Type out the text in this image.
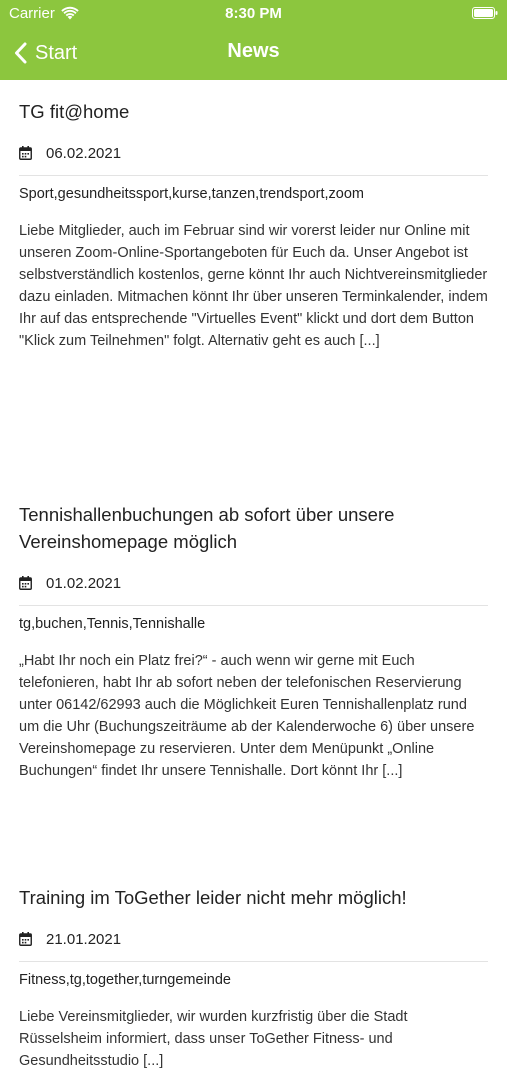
Carrier	8:30 PM
Start	News
TG fit@home
06.02.2021
Sport,gesundheitssport,kurse,tanzen,trendsport,zoom
Liebe Mitglieder, auch im Februar sind wir vorerst leider nur Online mit unseren Zoom-Online-Sportangeboten für Euch da. Unser Angebot ist selbstverständlich kostenlos, gerne könnt Ihr auch Nichtvereinsmitglieder dazu einladen. Mitmachen könnt Ihr über unseren Terminkalender, indem Ihr auf das entsprechende "Virtuelles Event" klickt und dort dem Button "Klick zum Teilnehmen" folgt. Alternativ geht es auch [...]
Tennishallenbuchungen ab sofort über unsere Vereinshomepage möglich
01.02.2021
tg,buchen,Tennis,Tennishalle
„Habt Ihr noch ein Platz frei?“ - auch wenn wir gerne mit Euch telefonieren, habt Ihr ab sofort neben der telefonischen Reservierung unter 06142/62993 auch die Möglichkeit Euren Tennishallenplatz rund um die Uhr (Buchungszeiträume ab der Kalenderwoche 6) über unsere Vereinshomepage zu reservieren. Unter dem Menüpunkt „Online Buchungen“ findet Ihr unsere Tennishalle. Dort könnt Ihr [...]
Training im ToGether leider nicht mehr möglich!
21.01.2021
Fitness,tg,together,turngemeinde
Liebe Vereinsmitglieder, wir wurden kurzfristig über die Stadt Rüsselsheim informiert, dass unser ToGether Fitness- und Gesundheitsstudio [...]
